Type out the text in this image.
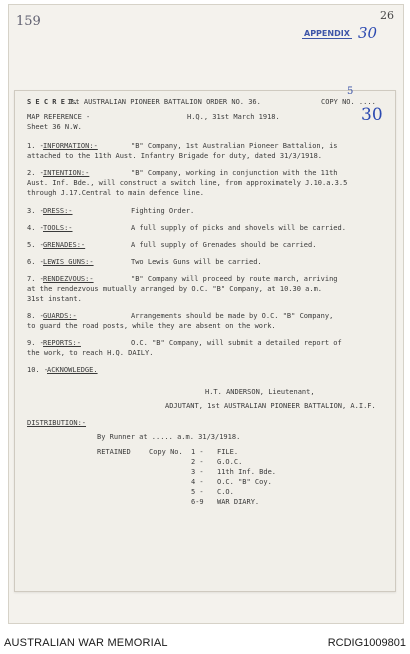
159	26
APPENDIX 30
S E C R E T.
1st AUSTRALIAN PIONEER BATTALION ORDER NO. 36.	COPY NO. ....
5
30
MAP REFERENCE -
Sheet 36 N.W.
H.Q., 31st March 1918.
1. - INFORMATION:-	"B" Company, 1st Australian Pioneer Battalion, is
attached to the 11th Aust. Infantry Brigade for duty, dated 31/3/1918.
2. - INTENTION:-	"B" Company, working in conjunction with the 11th
Aust. Inf. Bde., will construct a switch line, from approximately J.10.a.3.5
through J.17.Central to main defence line.
3. - DRESS:-	Fighting Order.
4. - TOOLS:-	A full supply of picks and shovels will be carried.
5. - GRENADES:-	A full supply of Grenades should be carried.
6. - LEWIS GUNS:-	Two Lewis Guns will be carried.
7. - RENDEZVOUS:-	"B" Company will proceed by route march, arriving
at the rendezvous mutually arranged by O.C. "B" Company, at 10.30 a.m.
31st instant.
8. - GUARDS:-	Arrangements should be made by O.C. "B" Company,
to guard the road posts, while they are absent on the work.
9. - REPORTS:-	O.C. "B" Company, will submit a detailed report of
the work, to reach H.Q. DAILY.
10. -
ACKNOWLEDGE.
H.T. ANDERSON, Lieutenant,
ADJUTANT, 1st AUSTRALIAN PIONEER BATTALION, A.I.F.
DISTRIBUTION:-
By Runner at ..... a.m. 31/3/1918.
RETAINED	Copy No. 1 - FILE.
2 - G.O.C.
3 - 11th Inf. Bde.
4 - O.C. "B" Coy.
5 - C.O.
6-9 WAR DIARY.
AUSTRALIAN WAR MEMORIAL	RCDIG1009801
